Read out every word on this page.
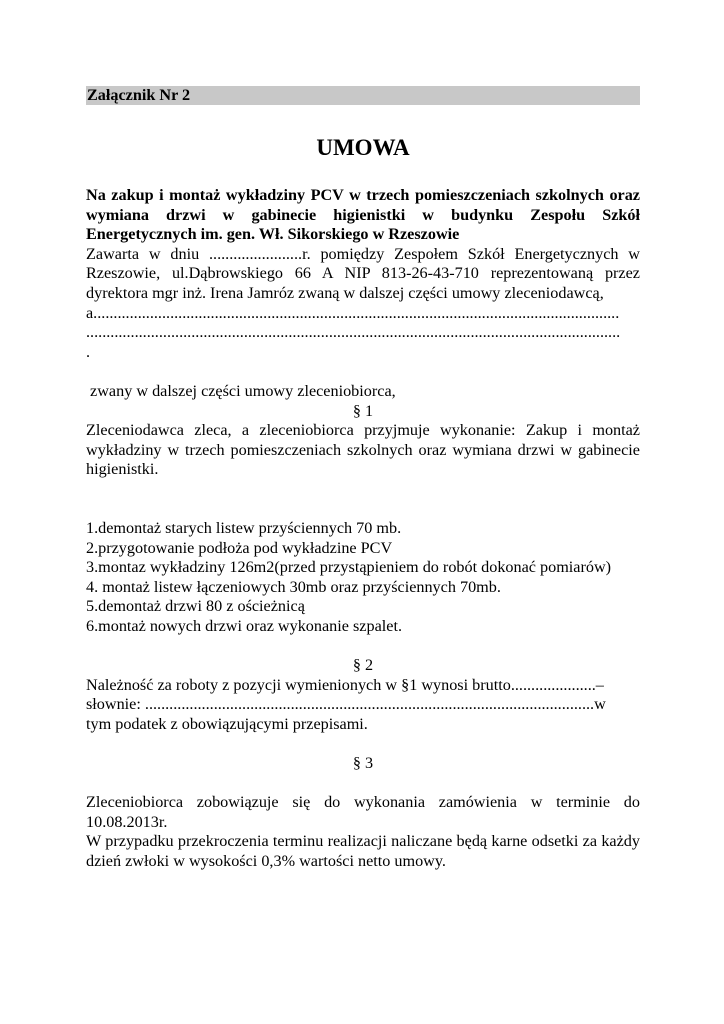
Załącznik Nr 2
UMOWA

Na zakup i montaż wykładziny PCV w trzech pomieszczeniach szkolnych oraz wymiana drzwi w gabinecie higienistki w budynku Zespołu Szkół Energetycznych im. gen. Wł. Sikorskiego w Rzeszowie

Zawarta w dniu .......................r. pomiędzy Zespołem Szkół Energetycznych w Rzeszowie, ul.Dąbrowskiego 66 A NIP 813-26-43-710 reprezentowaną przez dyrektora mgr inż. Irena Jamróz zwaną w dalszej części umowy zleceniodawcą,

a..................................................................................................................................

....................................................................................................................................

.

zwany w dalszej części umowy zleceniobiorca,

§ 1

Zleceniodawca zleca, a zleceniobiorca przyjmuje wykonanie: Zakup i montaż wykładziny w trzech pomieszczeniach szkolnych oraz wymiana drzwi w gabinecie higienistki.

1.demontaż starych listew przyściennych 70 mb.

2.przygotowanie podłoża pod wykładzine PCV

3.montaz wykładziny 126m2(przed przystąpieniem do robót dokonać pomiarów)

4. montaż listew łączeniowych 30mb oraz przyściennych 70mb.

5.demontaż drzwi 80 z ościeżnicą

6.montaż nowych drzwi oraz wykonanie szpalet.

§ 2

Należność za roboty z pozycji wymienionych w §1 wynosi brutto.....................–

słownie: ...............................................................................................................w

tym podatek z obowiązującymi przepisami.

§ 3

Zleceniobiorca zobowiązuje się do wykonania zamówienia w terminie do 10.08.2013r.

W przypadku przekroczenia terminu realizacji naliczane będą karne odsetki za każdy dzień zwłoki w wysokości 0,3% wartości netto umowy.
